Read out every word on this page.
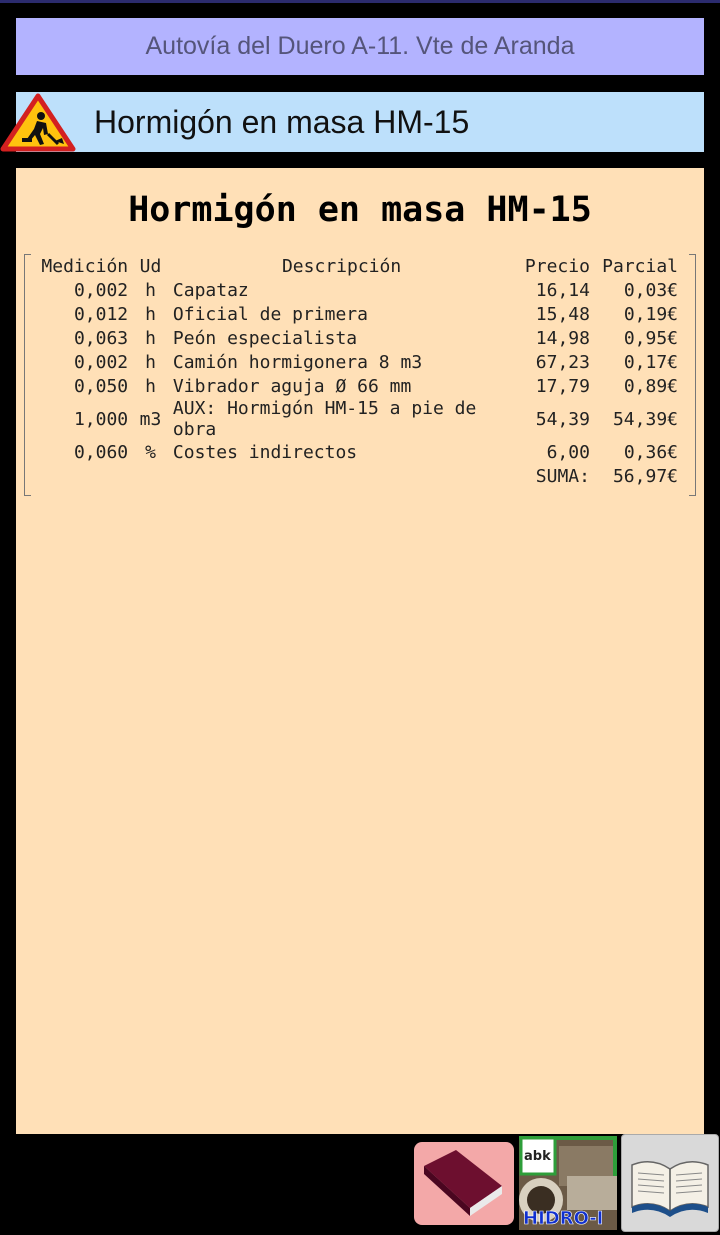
Autovía del Duero A-11. Vte de Aranda
Hormigón en masa HM-15
Hormigón en masa HM-15
Medición	Ud	Descripción	Precio	Parcial
0,002	h	Capataz	16,14	0,03€
0,012	h	Oficial de primera	15,48	0,19€
0,063	h	Peón especialista	14,98	0,95€
0,002	h	Camión hormigonera 8 m3	67,23	0,17€
0,050	h	Vibrador aguja Ø 66 mm	17,79	0,89€
1,000	m3	AUX: Hormigón HM-15 a pie de obra	54,39	54,39€
0,060	%	Costes indirectos	6,00	0,36€
			SUMA:	56,97€
abk
HIDRO-I
